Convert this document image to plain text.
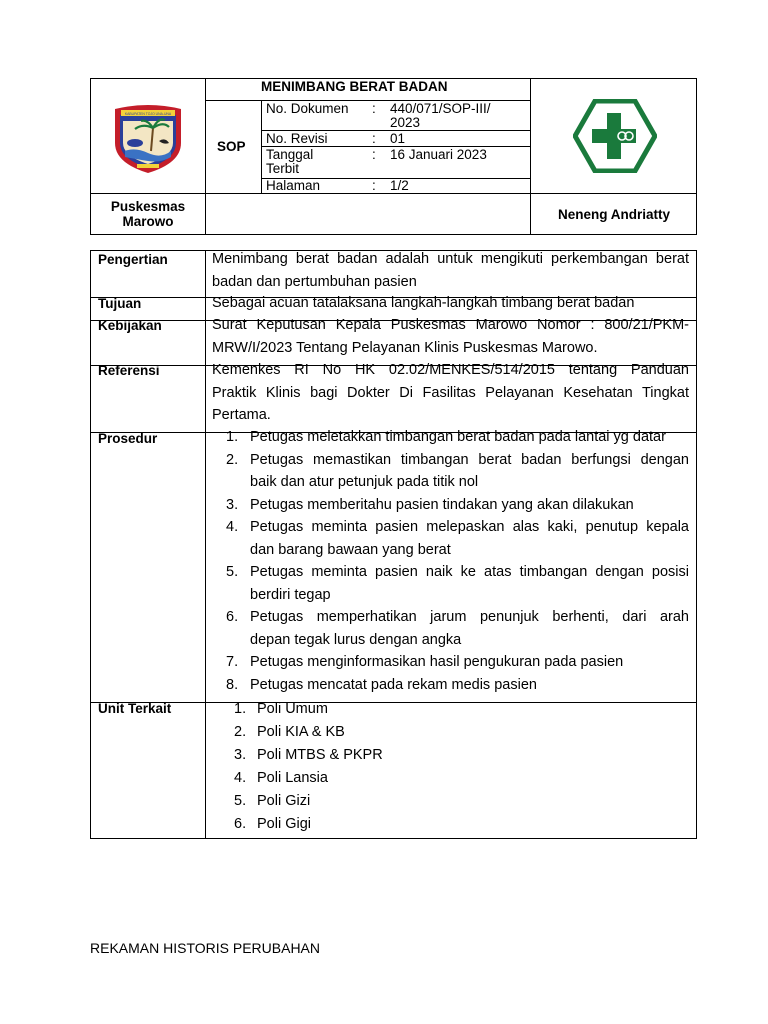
KABUPATEN TOJO UNA-UNA
MENIMBANG BERAT BADAN
SOP
No. Dokumen : 440/071/SOP-III/
2023
No. Revisi	: 01
Tanggal
Terbit
: 16 Januari 2023
Halaman	: 1/2
Puskesmas
Marowo	Neneng Andriatty
Pengertian	Menimbang berat badan adalah untuk mengikuti perkembangan berat
badan dan pertumbuhan pasien
Tujuan	Sebagai acuan tatalaksana langkah-langkah timbang berat badan
Kebijakan	Surat Keputusan Kepala Puskesmas Marowo Nomor : 800/21/PKM-
MRW/I/2023 Tentang Pelayanan Klinis Puskesmas Marowo.
Referensi	Kemenkes RI No HK 02.02/MENKES/514/2015 tentang Panduan
Praktik Klinis bagi Dokter Di Fasilitas Pelayanan Kesehatan Tingkat
Pertama.
Prosedur	1. Petugas meletakkan timbangan berat badan pada lantai yg datar
2. Petugas memastikan timbangan berat badan berfungsi dengan
baik dan atur petunjuk pada titik nol
3. Petugas memberitahu pasien tindakan yang akan dilakukan
4. Petugas meminta pasien melepaskan alas kaki, penutup kepala
dan barang bawaan yang berat
5. Petugas meminta pasien naik ke atas timbangan dengan posisi
berdiri tegap
6. Petugas memperhatikan jarum penunjuk berhenti, dari arah
depan tegak lurus dengan angka
7. Petugas menginformasikan hasil pengukuran pada pasien
8. Petugas mencatat pada rekam medis pasien
Unit Terkait	1. Poli Umum
2. Poli KIA & KB
3. Poli MTBS & PKPR
4. Poli Lansia
5. Poli Gizi
6. Poli Gigi
REKAMAN HISTORIS PERUBAHAN
